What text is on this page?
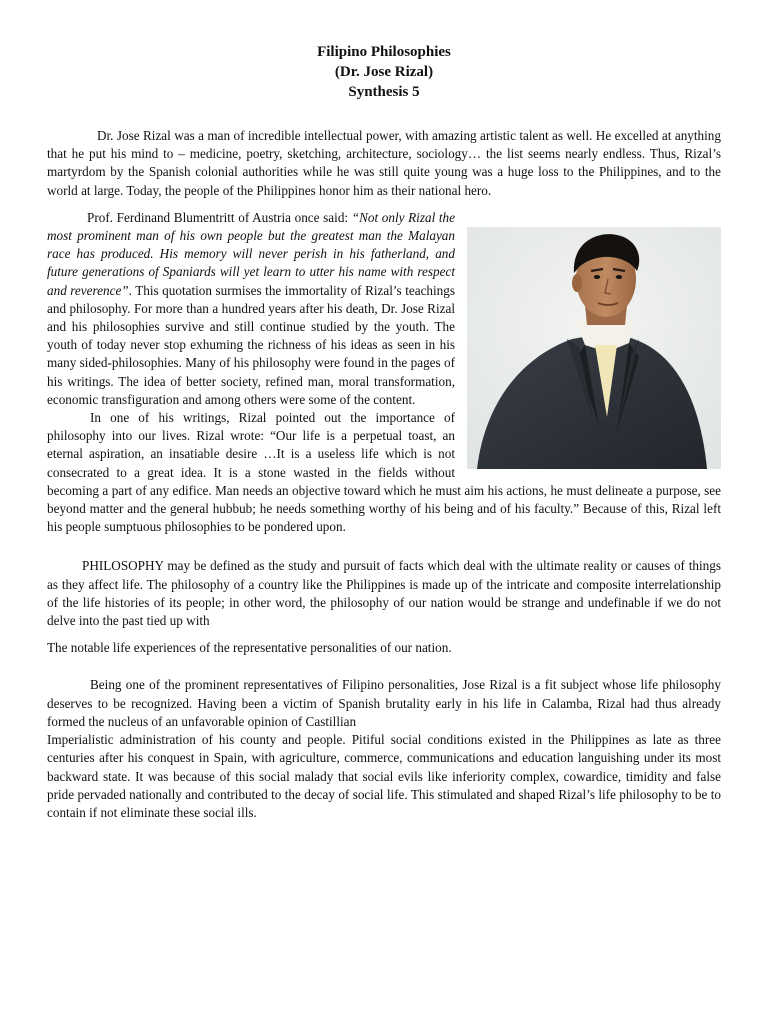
Filipino Philosophies
(Dr. Jose Rizal)
Synthesis 5

Dr. Jose Rizal was a man of incredible intellectual power, with amazing artistic talent as well. He excelled at anything that he put his mind to – medicine, poetry, sketching, architecture, sociology… the list seems nearly endless. Thus, Rizal’s martyrdom by the Spanish colonial authorities while he was still quite young was a huge loss to the Philippines, and to the world at large. Today, the people of the Philippines honor him as their national hero.

Prof. Ferdinand Blumentritt of Austria once said: “Not only Rizal the most prominent man of his own people but the greatest man the Malayan race has produced. His memory will never perish in his fatherland, and future generations of Spaniards will yet learn to utter his name with respect and reverence”. This quotation surmises the immortality of Rizal’s teachings and philosophy. For more than a hundred years after his death, Dr. Jose Rizal and his philosophies survive and still continue studied by the youth. The youth of today never stop exhuming the richness of his ideas as seen in his many sided-philosophies. Many of his philosophy were found in the pages of his writings. The idea of better society, refined man, moral transformation, economic transfiguration and among others were some of the content.

In one of his writings, Rizal pointed out the importance of philosophy into our lives. Rizal wrote: “Our life is a perpetual toast, an eternal aspiration, an insatiable desire …It is a useless life which is not consecrated to a great idea. It is a stone wasted in the fields without becoming a part of any edifice. Man needs an objective toward which he must aim his actions, he must delineate a purpose, see beyond matter and the general hubbub; he needs something worthy of his being and of his faculty.” Because of this, Rizal left his people sumptuous philosophies to be pondered upon.

PHILOSOPHY may be defined as the study and pursuit of facts which deal with the ultimate reality or causes of things as they affect life. The philosophy of a country like the Philippines is made up of the intricate and composite interrelationship of the life histories of its people; in other word, the philosophy of our nation would be strange and undefinable if we do not delve into the past tied up with

The notable life experiences of the representative personalities of our nation.

Being one of the prominent representatives of Filipino personalities, Jose Rizal is a fit subject whose life philosophy deserves to be recognized. Having been a victim of Spanish brutality early in his life in Calamba, Rizal had thus already formed the nucleus of an unfavorable opinion of Castillian

Imperialistic administration of his county and people. Pitiful social conditions existed in the Philippines as late as three centuries after his conquest in Spain, with agriculture, commerce, communications and education languishing under its most backward state. It was because of this social malady that social evils like inferiority complex, cowardice, timidity and false pride pervaded nationally and contributed to the decay of social life. This stimulated and shaped Rizal’s life philosophy to be to contain if not eliminate these social ills.
